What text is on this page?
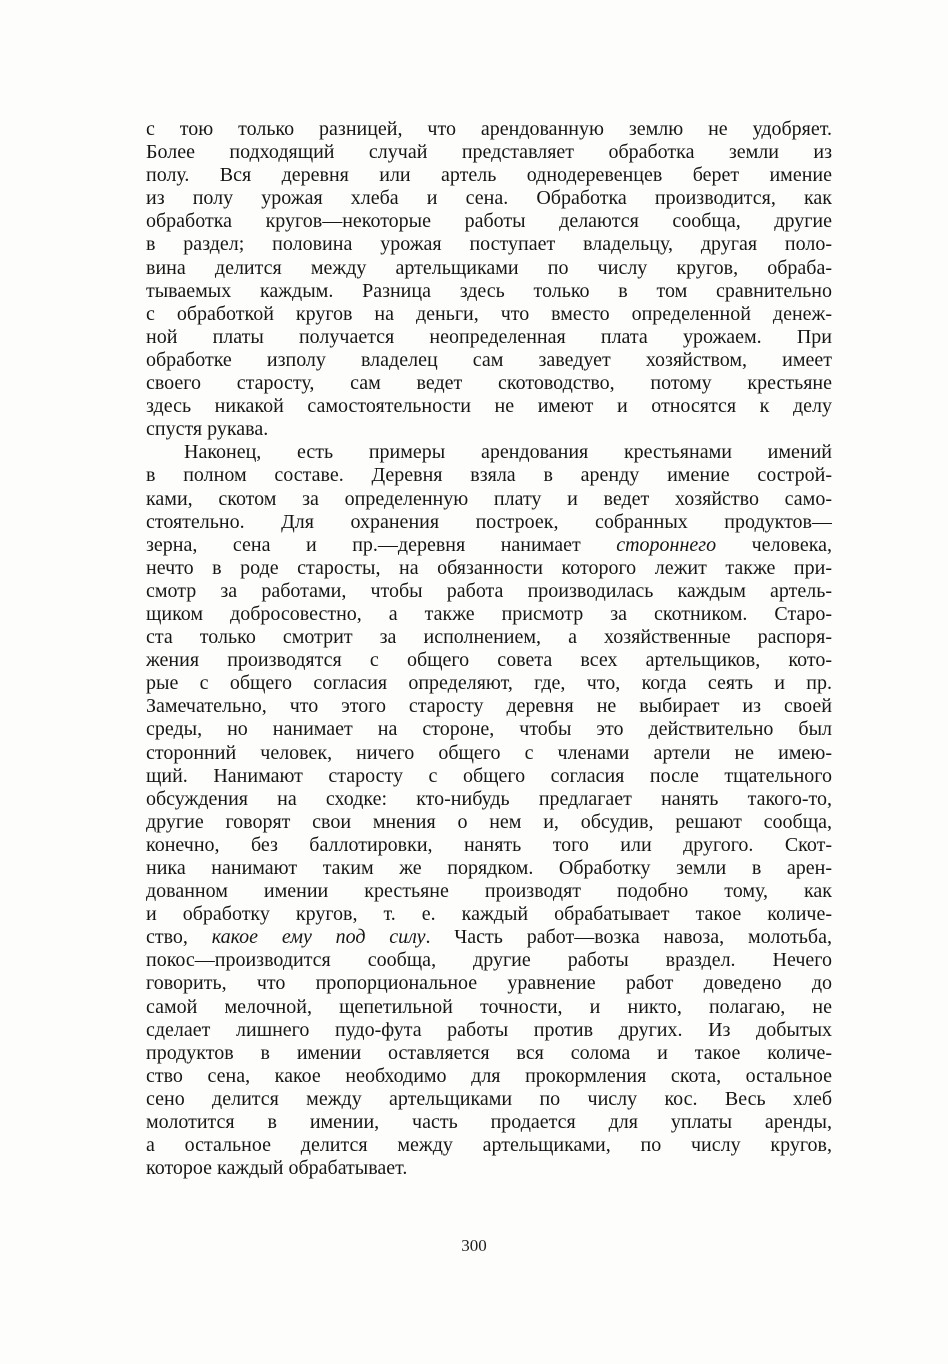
с тою только разницей, что арендованную землю не удобряет.
Более подходящий случай представляет обработка земли из
полу. Вся деревня или артель однодеревенцев берет имение
из полу урожая хлеба и сена. Обработка производится, как
обработка кругов—некоторые работы делаются сообща, другие
в раздел; половина урожая поступает владельцу, другая поло-
вина делится между артельщиками по числу кругов, обраба-
тываемых каждым. Разница здесь только в том сравнительно
с обработкой кругов на деньги, что вместо определенной денеж-
ной платы получается неопределенная плата урожаем. При
обработке изполу владелец сам заведует хозяйством, имеет
своего старосту, сам ведет скотоводство, потому крестьяне
здесь никакой самостоятельности не имеют и относятся к делу
спустя рукава.
Наконец, есть примеры арендования крестьянами имений
в полном составе. Деревня взяла в аренду имение сострой-
ками, скотом за определенную плату и ведет хозяйство само-
стоятельно. Для охранения построек, собранных продуктов—
зерна, сена и пр.—деревня нанимает стороннего человека,
нечто в роде старосты, на обязанности которого лежит также при-
смотр за работами, чтобы работа производилась каждым артель-
щиком добросовестно, а также присмотр за скотником. Старо-
ста только смотрит за исполнением, а хозяйственные распоря-
жения производятся с общего совета всех артельщиков, кото-
рые с общего согласия определяют, где, что, когда сеять и пр.
Замечательно, что этого старосту деревня не выбирает из своей
среды, но нанимает на стороне, чтобы это действительно был
сторонний человек, ничего общего с членами артели не имею-
щий. Нанимают старосту с общего согласия после тщательного
обсуждения на сходке: кто-нибудь предлагает нанять такого-то,
другие говорят свои мнения о нем и, обсудив, решают сообща,
конечно, без баллотировки, нанять того или другого. Скот-
ника нанимают таким же порядком. Обработку земли в арен-
дованном имении крестьяне производят подобно тому, как
и обработку кругов, т. е. каждый обрабатывает такое количе-
ство, какое ему под силу. Часть работ—возка навоза, молотьба,
покос—производится сообща, другие работы враздел. Нечего
говорить, что пропорциональное уравнение работ доведено до
самой мелочной, щепетильной точности, и никто, полагаю, не
сделает лишнего пудо-фута работы против других. Из добытых
продуктов в имении оставляется вся солома и такое количе-
ство сена, какое необходимо для прокормления скота, остальное
сено делится между артельщиками по числу кос. Весь хлеб
молотится в имении, часть продается для уплаты аренды,
а остальное делится между артельщиками, по числу кругов,
которое каждый обрабатывает.
300
